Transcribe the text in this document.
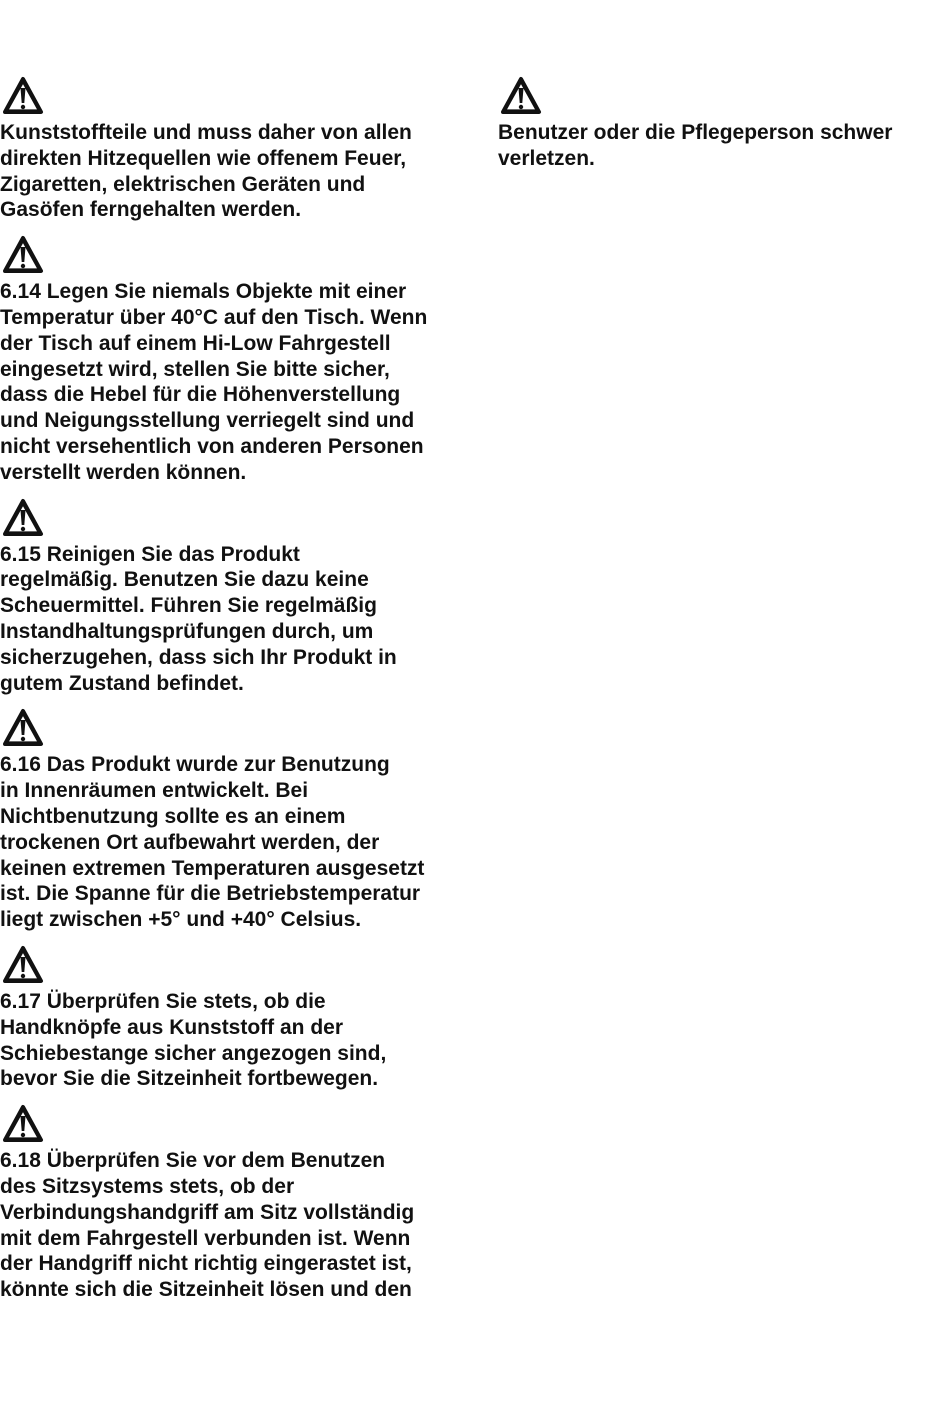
Kunststoffteile und muss daher von allen
direkten Hitzequellen wie offenem Feuer,
Zigaretten, elektrischen Geräten und
Gasöfen ferngehalten werden.

6.14 Legen Sie niemals Objekte mit einer
Temperatur über 40°C auf den Tisch. Wenn
der Tisch auf einem Hi-Low Fahrgestell
eingesetzt wird, stellen Sie bitte sicher,
dass die Hebel für die Höhenverstellung
und Neigungsstellung verriegelt sind und
nicht versehentlich von anderen Personen
verstellt werden können.

6.15 Reinigen Sie das Produkt
regelmäßig. Benutzen Sie dazu keine
Scheuermittel. Führen Sie regelmäßig
Instandhaltungsprüfungen durch, um
sicherzugehen, dass sich Ihr Produkt in
gutem Zustand befindet.

6.16 Das Produkt wurde zur Benutzung
in Innenräumen entwickelt. Bei
Nichtbenutzung sollte es an einem
trockenen Ort aufbewahrt werden, der
keinen extremen Temperaturen ausgesetzt
ist. Die Spanne für die Betriebstemperatur
liegt zwischen +5° und +40° Celsius.

6.17 Überprüfen Sie stets, ob die
Handknöpfe aus Kunststoff an der
Schiebestange sicher angezogen sind,
bevor Sie die Sitzeinheit fortbewegen.

6.18 Überprüfen Sie vor dem Benutzen
des Sitzsystems stets, ob der
Verbindungshandgriff am Sitz vollständig
mit dem Fahrgestell verbunden ist. Wenn
der Handgriff nicht richtig eingerastet ist,
könnte sich die Sitzeinheit lösen und den

Benutzer oder die Pflegeperson schwer
verletzen.
